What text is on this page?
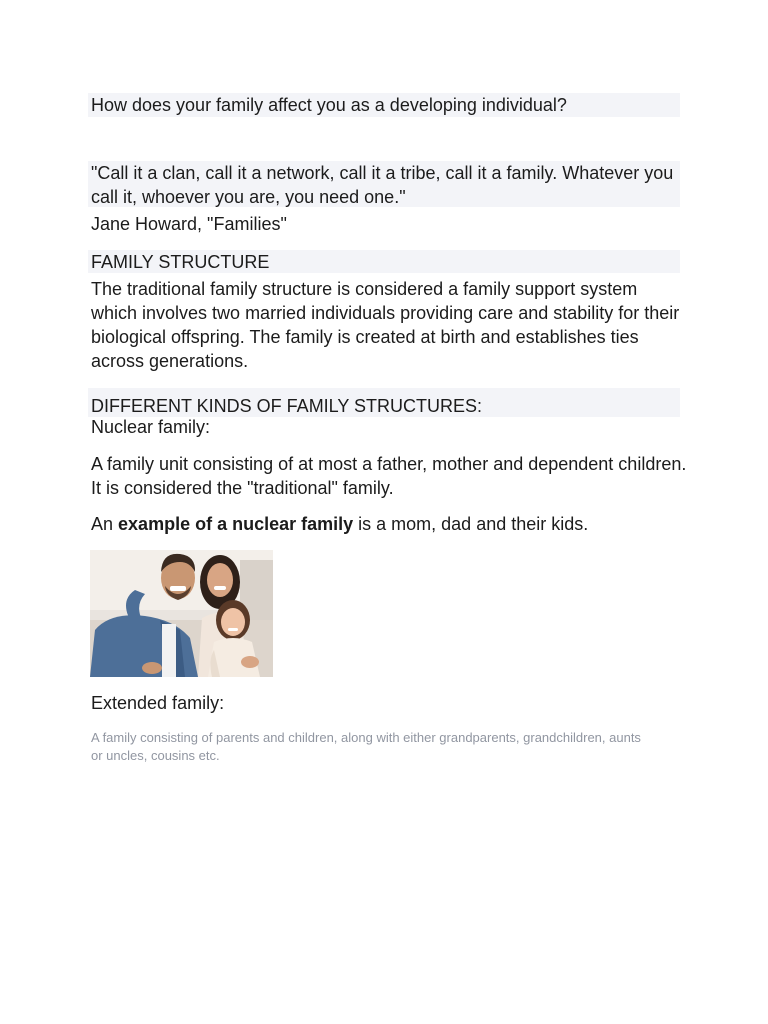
How does your family affect you as a developing individual?
"Call it a clan, call it a network, call it a tribe, call it a family. Whatever you call it, whoever you are, you need one."
Jane Howard, "Families"
FAMILY STRUCTURE
The traditional family structure is considered a family support system which involves two married individuals providing care and stability for their biological offspring. The family is created at birth and establishes ties across generations.
DIFFERENT KINDS OF FAMILY STRUCTURES:
Nuclear family:
A family unit consisting of at most a father, mother and dependent children. It is considered the "traditional" family.
An example of a nuclear family is a mom, dad and their kids.
Extended family:
A family consisting of parents and children, along with either grandparents, grandchildren, aunts or uncles, cousins etc.
